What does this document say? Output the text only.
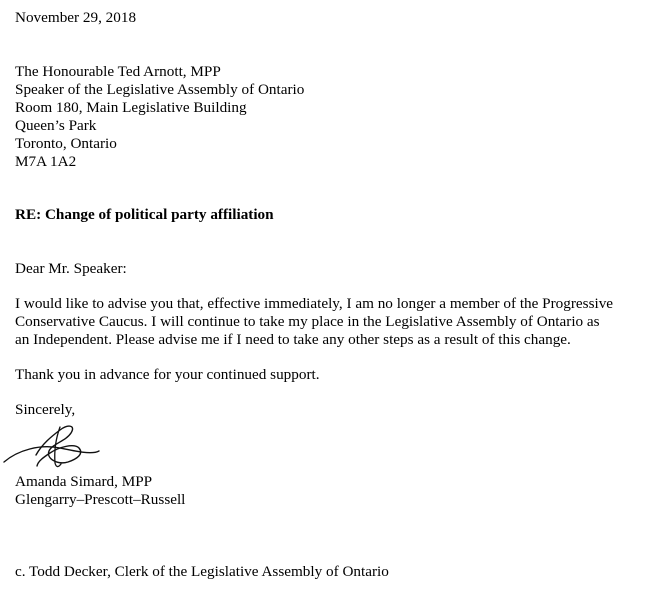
November 29, 2018
The Honourable Ted Arnott, MPP
Speaker of the Legislative Assembly of Ontario
Room 180, Main Legislative Building
Queen’s Park
Toronto, Ontario
M7A 1A2
RE: Change of political party affiliation
Dear Mr. Speaker:
I would like to advise you that, effective immediately, I am no longer a member of the Progressive
Conservative Caucus. I will continue to take my place in the Legislative Assembly of Ontario as
an Independent. Please advise me if I need to take any other steps as a result of this change.
Thank you in advance for your continued support.
Sincerely,
Amanda Simard, MPP
Glengarry–Prescott–Russell
c. Todd Decker, Clerk of the Legislative Assembly of Ontario
